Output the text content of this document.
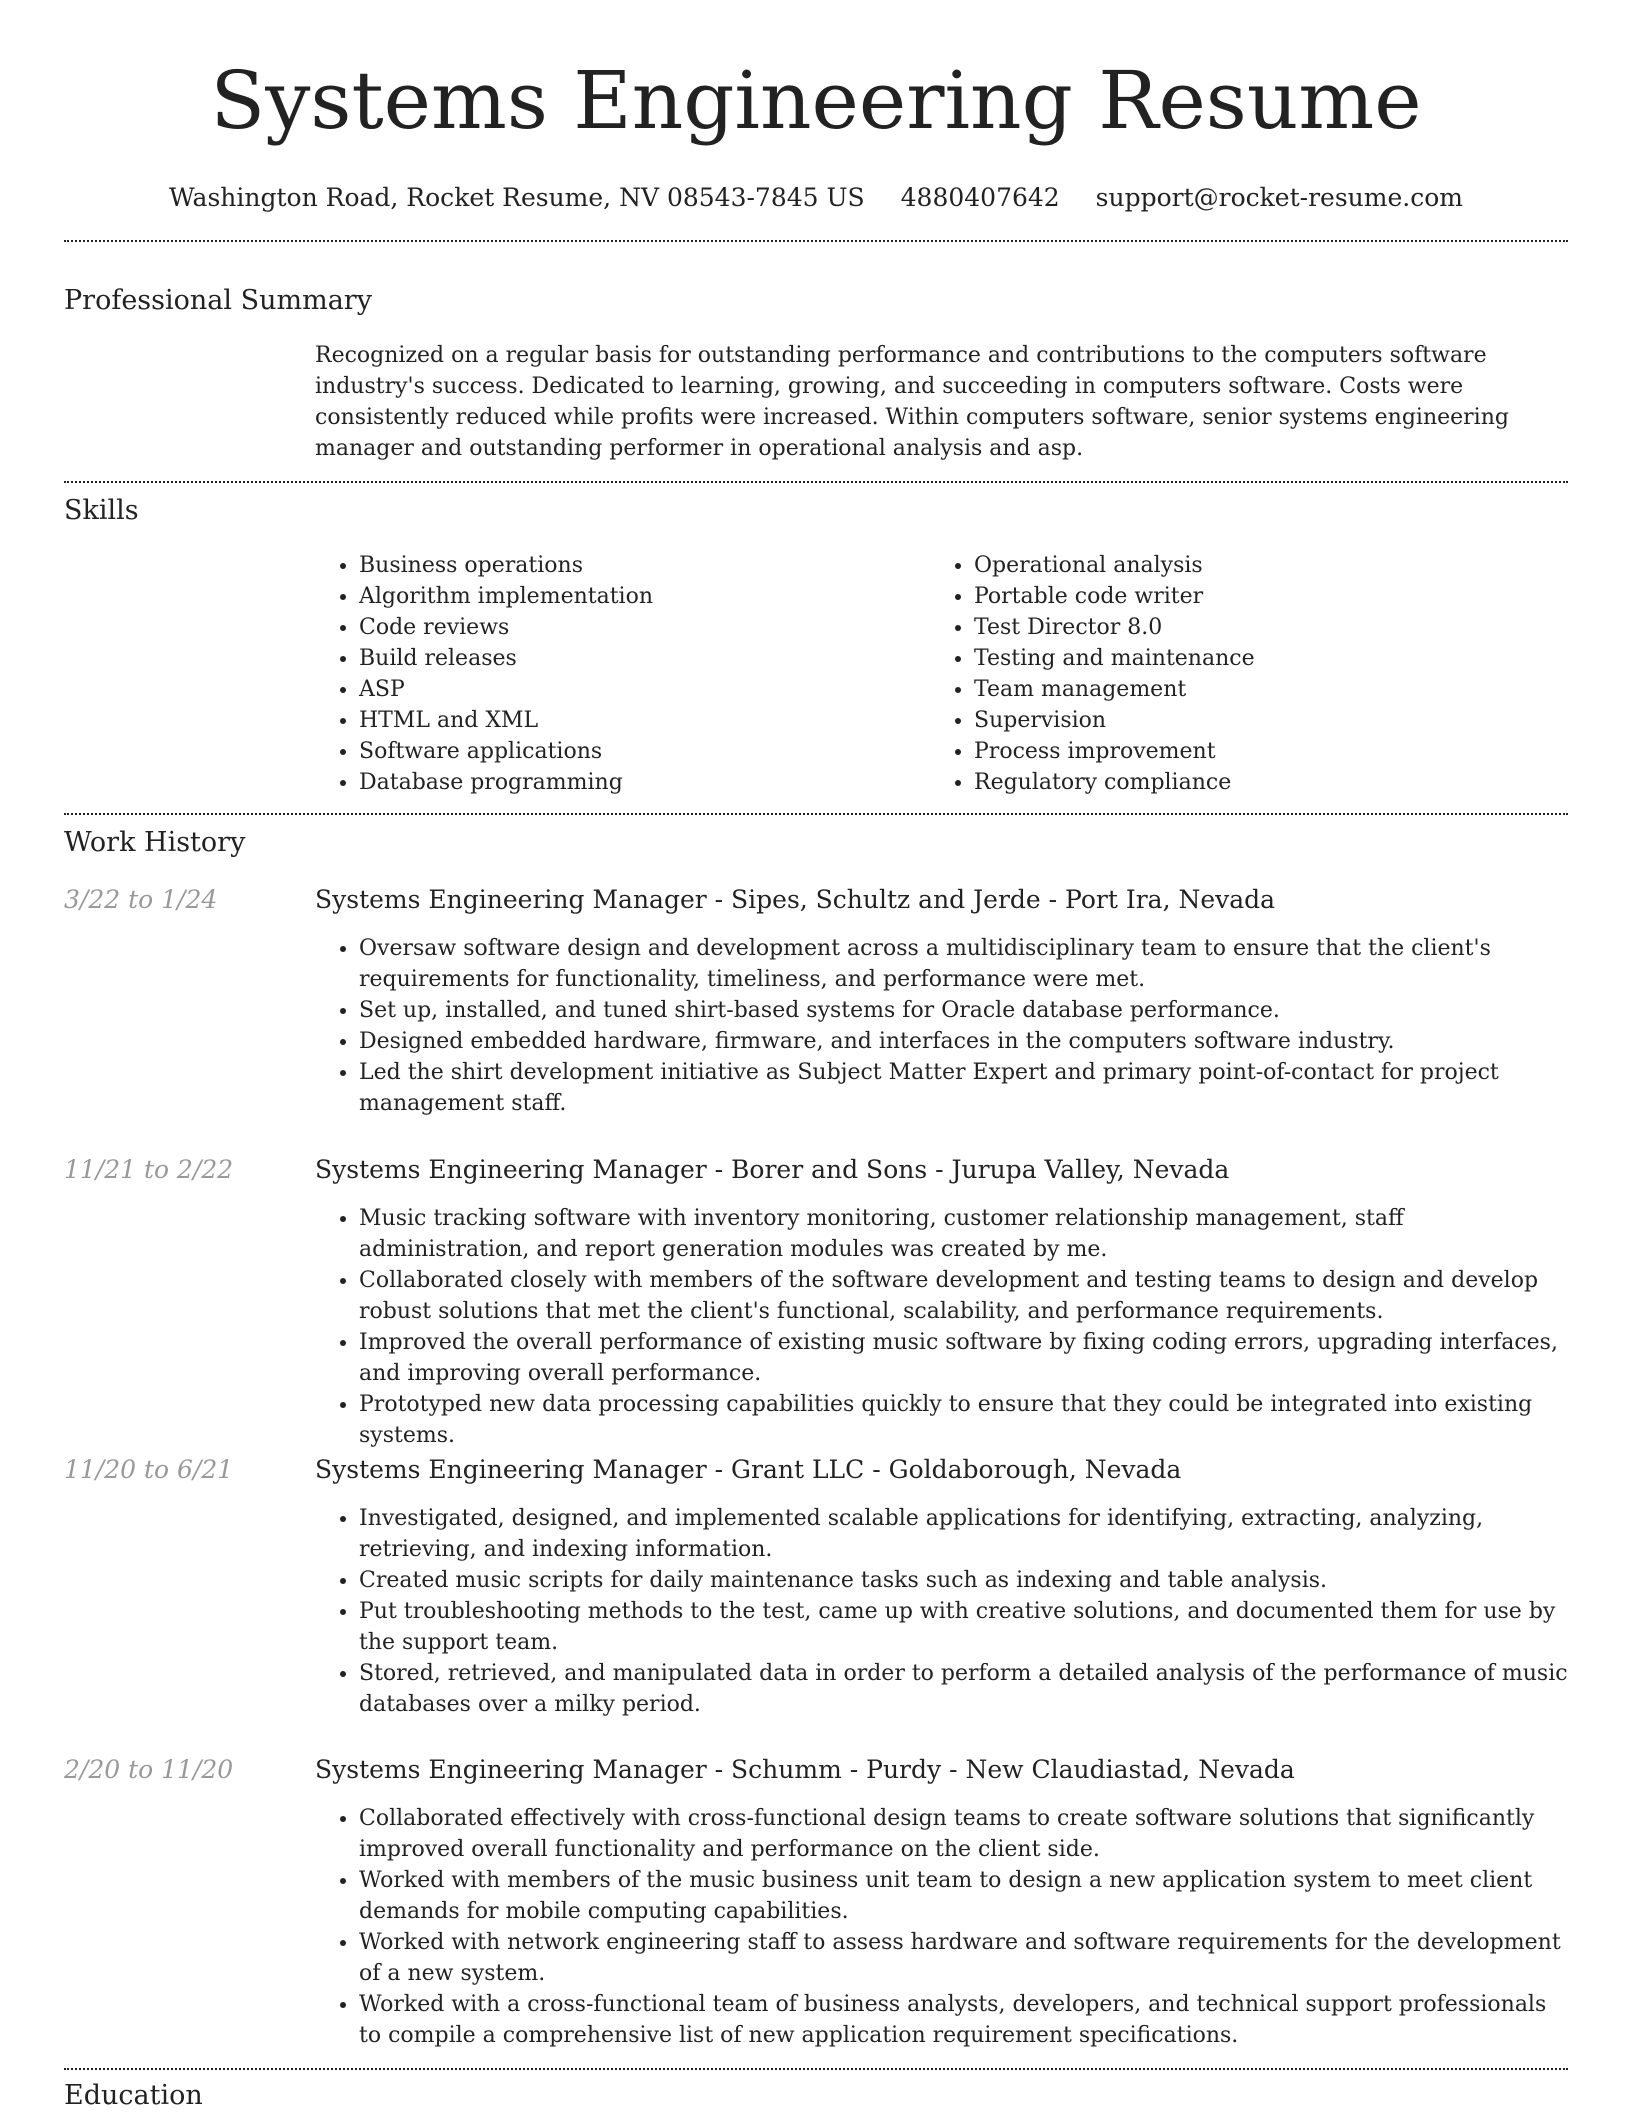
Systems Engineering Resume
Washington Road, Rocket Resume, NV 08543-7845 US 4880407642 support@rocket-resume.com
Professional Summary

Recognized on a regular basis for outstanding performance and contributions to the computers software industry's success. Dedicated to learning, growing, and succeeding in computers software. Costs were consistently reduced while profits were increased. Within computers software, senior systems engineering manager and outstanding performer in operational analysis and asp.

Skills
• Business operations
• Algorithm implementation
• Code reviews
• Build releases
• ASP
• HTML and XML
• Software applications
• Database programming
• Operational analysis
• Portable code writer
• Test Director 8.0
• Testing and maintenance
• Team management
• Supervision
• Process improvement
• Regulatory compliance
Work History
3/22 to 1/24	Systems Engineering Manager - Sipes, Schultz and Jerde - Port Ira, Nevada
• Oversaw software design and development across a multidisciplinary team to ensure that the client's requirements for functionality, timeliness, and performance were met.
• Set up, installed, and tuned shirt-based systems for Oracle database performance.
• Designed embedded hardware, firmware, and interfaces in the computers software industry.
• Led the shirt development initiative as Subject Matter Expert and primary point-of-contact for project management staff.
11/21 to 2/22	Systems Engineering Manager - Borer and Sons - Jurupa Valley, Nevada
• Music tracking software with inventory monitoring, customer relationship management, staff administration, and report generation modules was created by me.
• Collaborated closely with members of the software development and testing teams to design and develop robust solutions that met the client's functional, scalability, and performance requirements.
• Improved the overall performance of existing music software by fixing coding errors, upgrading interfaces, and improving overall performance.
• Prototyped new data processing capabilities quickly to ensure that they could be integrated into existing systems.
11/20 to 6/21	Systems Engineering Manager - Grant LLC - Goldaborough, Nevada
• Investigated, designed, and implemented scalable applications for identifying, extracting, analyzing, retrieving, and indexing information.
• Created music scripts for daily maintenance tasks such as indexing and table analysis.
• Put troubleshooting methods to the test, came up with creative solutions, and documented them for use by the support team.
• Stored, retrieved, and manipulated data in order to perform a detailed analysis of the performance of music databases over a milky period.
2/20 to 11/20	Systems Engineering Manager - Schumm - Purdy - New Claudiastad, Nevada
• Collaborated effectively with cross-functional design teams to create software solutions that significantly improved overall functionality and performance on the client side.
• Worked with members of the music business unit team to design a new application system to meet client demands for mobile computing capabilities.
• Worked with network engineering staff to assess hardware and software requirements for the development of a new system.
• Worked with a cross-functional team of business analysts, developers, and technical support professionals to compile a comprehensive list of new application requirement specifications.
Education
